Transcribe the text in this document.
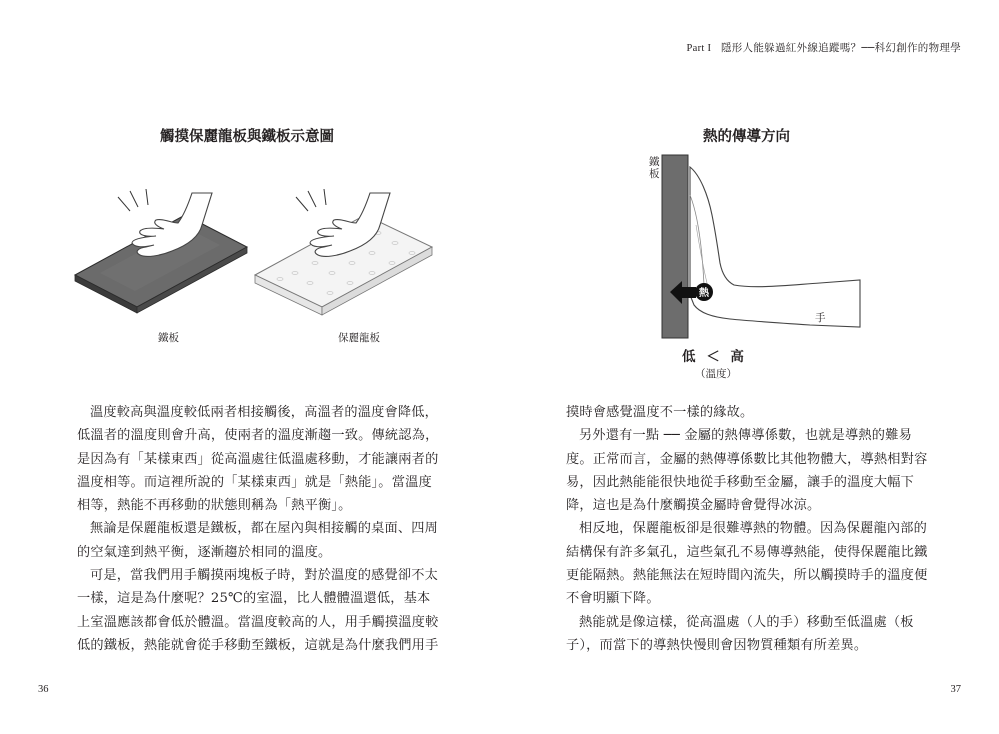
Part I 隱形人能躲過紅外線追蹤嗎？──科幻創作的物理學
觸摸保麗龍板與鐵板示意圖
鐵板	保麗龍板
熱的傳導方向
鐵板
熱
手
低 ＜ 高
（溫度）
溫度較高與溫度較低兩者相接觸後，高溫者的溫度會降低，
低溫者的溫度則會升高，使兩者的溫度漸趨一致。傳統認為，
是因為有「某樣東西」從高溫處往低溫處移動，才能讓兩者的
溫度相等。而這裡所說的「某樣東西」就是「熱能」。當溫度
相等，熱能不再移動的狀態則稱為「熱平衡」。
無論是保麗龍板還是鐵板，都在屋內與相接觸的桌面、四周
的空氣達到熱平衡，逐漸趨於相同的溫度。
可是，當我們用手觸摸兩塊板子時，對於溫度的感覺卻不太
一樣，這是為什麼呢？25℃的室溫，比人體體溫還低，基本
上室溫應該都會低於體溫。當溫度較高的人，用手觸摸溫度較
低的鐵板，熱能就會從手移動至鐵板，這就是為什麼我們用手
摸時會感覺溫度不一樣的緣故。
另外還有一點 ── 金屬的熱傳導係數，也就是導熱的難易
度。正常而言，金屬的熱傳導係數比其他物體大，導熱相對容
易，因此熱能能很快地從手移動至金屬，讓手的溫度大幅下
降，這也是為什麼觸摸金屬時會覺得冰涼。
相反地，保麗龍板卻是很難導熱的物體。因為保麗龍內部的
結構保有許多氣孔，這些氣孔不易傳導熱能，使得保麗龍比鐵
更能隔熱。熱能無法在短時間內流失，所以觸摸時手的溫度便
不會明顯下降。
熱能就是像這樣，從高溫處（人的手）移動至低溫處（板
子），而當下的導熱快慢則會因物質種類有所差異。
36	37
